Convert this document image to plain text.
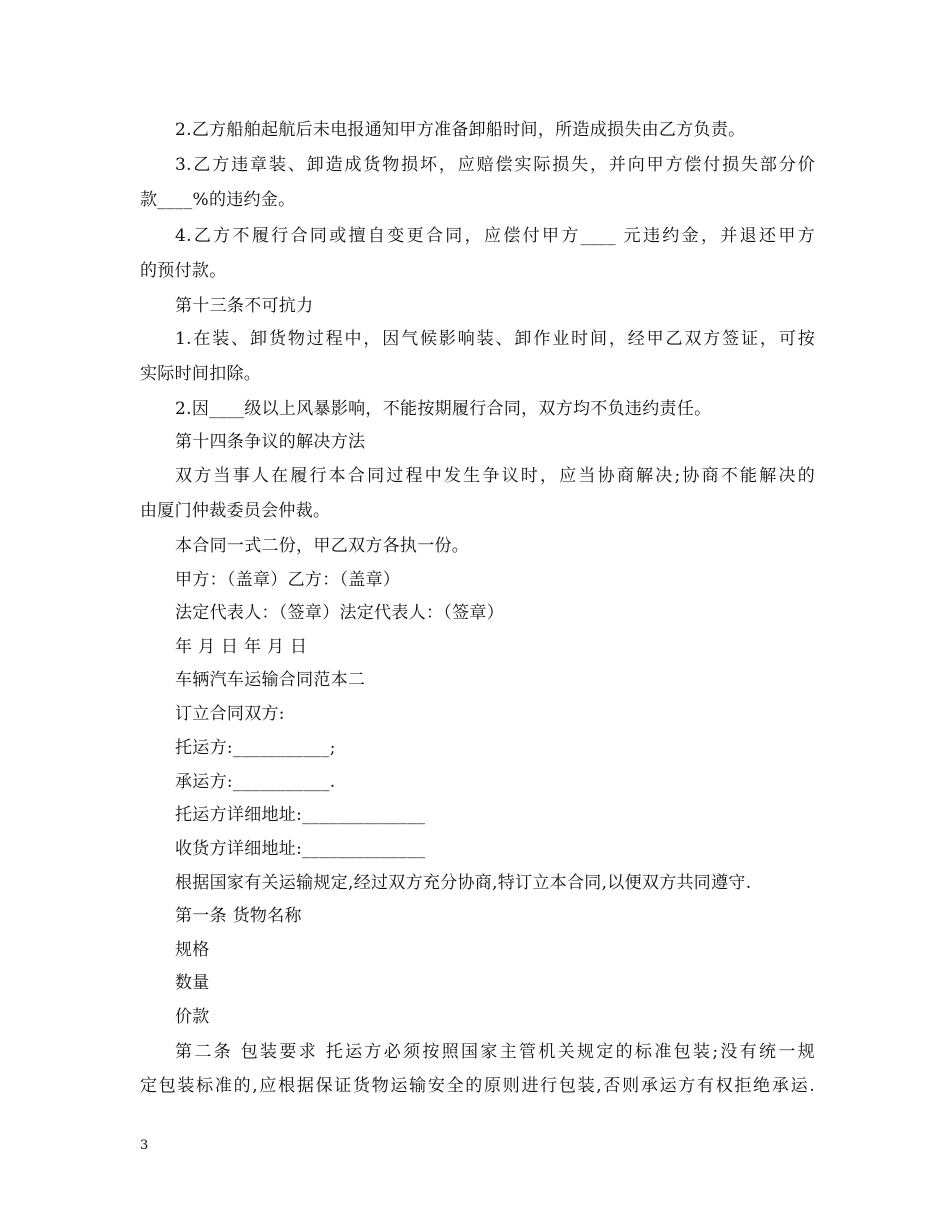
2.乙方船舶起航后未电报通知甲方准备卸船时间，所造成损失由乙方负责。
3.乙方违章装、卸造成货物损坏，应赔偿实际损失，并向甲方偿付损失部分价
款____%的违约金。
4.乙方不履行合同或擅自变更合同，应偿付甲方____ 元违约金，并退还甲方
的预付款。
第十三条不可抗力
1.在装、卸货物过程中，因气候影响装、卸作业时间，经甲乙双方签证，可按
实际时间扣除。
2.因____级以上风暴影响，不能按期履行合同，双方均不负违约责任。
第十四条争议的解决方法
双方当事人在履行本合同过程中发生争议时，应当协商解决;协商不能解决的
由厦门仲裁委员会仲裁。
本合同一式二份，甲乙双方各执一份。
甲方：（盖章）乙方：（盖章）
法定代表人：（签章）法定代表人：（签章）
年 月 日 年 月 日
车辆汽车运输合同范本二
订立合同双方:
托运方:___________;
承运方:___________.
托运方详细地址:______________
收货方详细地址:______________
根据国家有关运输规定,经过双方充分协商,特订立本合同,以便双方共同遵守.
第一条 货物名称
规格
数量
价款
第二条 包装要求 托运方必须按照国家主管机关规定的标准包装;没有统一规
定包装标准的,应根据保证货物运输安全的原则进行包装,否则承运方有权拒绝承运.
3
